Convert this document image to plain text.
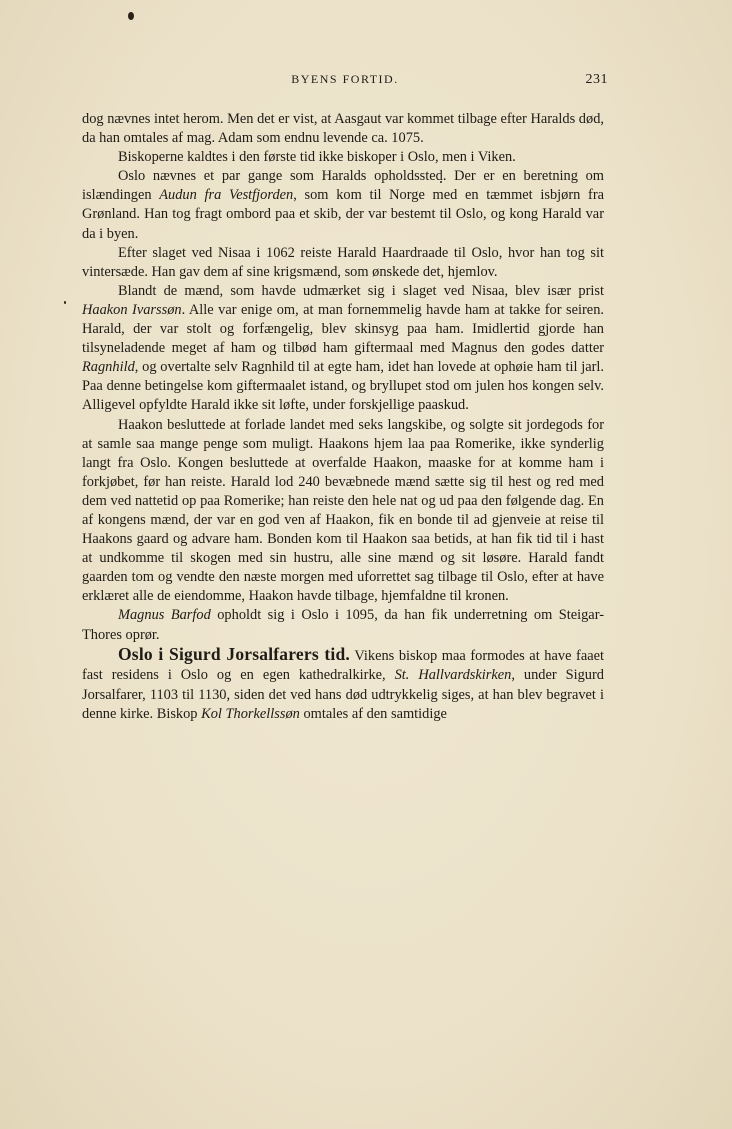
BYENS FORTID.	231

dog nævnes intet herom. Men det er vist, at Aasgaut var kommet tilbage efter Haralds død, da han omtales af mag. Adam som endnu levende ca. 1075.

Biskoperne kaldtes i den første tid ikke biskoper i Oslo, men i Viken.

Oslo nævnes et par gange som Haralds opholdssted. Der er en beretning om islændingen Audun fra Vestfjorden, som kom til Norge med en tæmmet isbjørn fra Grønland. Han tog fragt ombord paa et skib, der var bestemt til Oslo, og kong Harald var da i byen.

Efter slaget ved Nisaa i 1062 reiste Harald Haardraade til Oslo, hvor han tog sit vintersæde. Han gav dem af sine krigsmænd, som ønskede det, hjemlov.

Blandt de mænd, som havde udmærket sig i slaget ved Nisaa, blev især prist Haakon Ivarssøn. Alle var enige om, at man fornemmelig havde ham at takke for seiren. Harald, der var stolt og forfængelig, blev skinsyg paa ham. Imidlertid gjorde han tilsyneladende meget af ham og tilbød ham giftermaal med Magnus den godes datter Ragnhild, og overtalte selv Ragnhild til at egte ham, idet han lovede at ophøie ham til jarl. Paa denne betingelse kom giftermaalet istand, og bryllupet stod om julen hos kongen selv. Alligevel opfyldte Harald ikke sit løfte, under forskjellige paaskud.

Haakon besluttede at forlade landet med seks langskibe, og solgte sit jordegods for at samle saa mange penge som muligt. Haakons hjem laa paa Romerike, ikke synderlig langt fra Oslo. Kongen besluttede at overfalde Haakon, maaske for at komme ham i forkjøbet, før han reiste. Harald lod 240 bevæbnede mænd sætte sig til hest og red med dem ved nattetid op paa Romerike; han reiste den hele nat og ud paa den følgende dag. En af kongens mænd, der var en god ven af Haakon, fik en bonde til ad gjenveie at reise til Haakons gaard og advare ham. Bonden kom til Haakon saa betids, at han fik tid til i hast at undkomme til skogen med sin hustru, alle sine mænd og sit løsøre. Harald fandt gaarden tom og vendte den næste morgen med uforrettet sag tilbage til Oslo, efter at have erklæret alle de eiendomme, Haakon havde tilbage, hjemfaldne til kronen.

Magnus Barfod opholdt sig i Oslo i 1095, da han fik underretning om Steigar-Thores oprør.

Oslo i Sigurd Jorsalfarers tid. Vikens biskop maa formodes at have faaet fast residens i Oslo og en egen kathedralkirke, St. Hallvardskirken, under Sigurd Jorsalfarer, 1103 til 1130, siden det ved hans død udtrykkelig siges, at han blev begravet i denne kirke. Biskop Kol Thorkellssøn omtales af den samtidige
